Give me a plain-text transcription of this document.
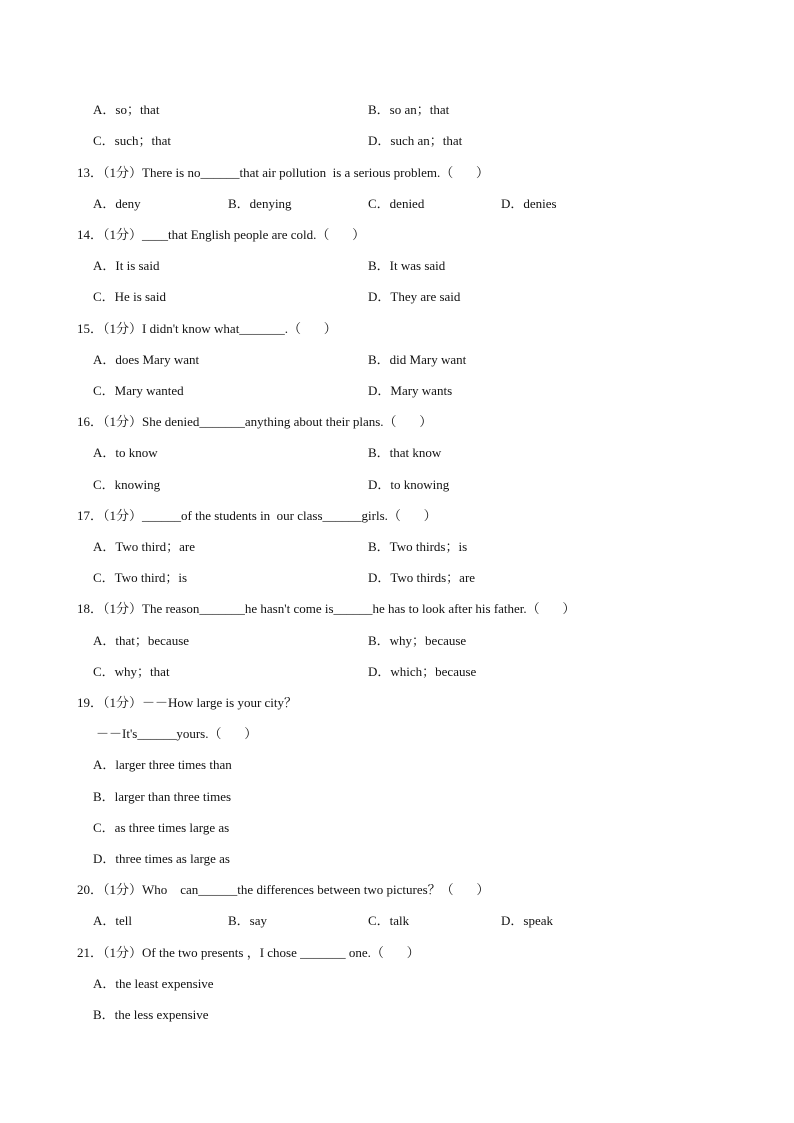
A．so；that	B．so an；that
C．such；that	D．such an；that
13．（1分）There is no______that air pollution  is a serious problem.（       ）
A．deny	B．denying	C．denied	D．denies
14．（1分）____that English people are cold.（       ）
A．It is said	B．It was said
C．He is said	D．They are said
15．（1分）I didn't know what_______.（       ）
A．does Mary want	B．did Mary want
C．Mary wanted	D．Mary wants
16．（1分）She denied_______anything about their plans.（       ）
A．to know	B．that know
C．knowing	D．to knowing
17．（1分）______of the students in  our class______girls.（       ）
A．Two third；are	B．Two thirds；is
C．Two third；is	D．Two thirds；are
18．（1分）The reason_______he hasn't come is______he has to look after his father.（       ）
A．that；because	B．why；because
C．why；that	D．which；because
19．（1分）－－How large is your city？
－－It's______yours.（       ）
A．larger three times than
B．larger than three times
C．as three times large as
D．three times as large as
20．（1分）Who    can______the differences between two pictures？（       ）
A．tell	B．say	C．talk	D．speak
21．（1分）Of the two presents ，I chose _______ one.（       ）
A．the least expensive
B．the less expensive
